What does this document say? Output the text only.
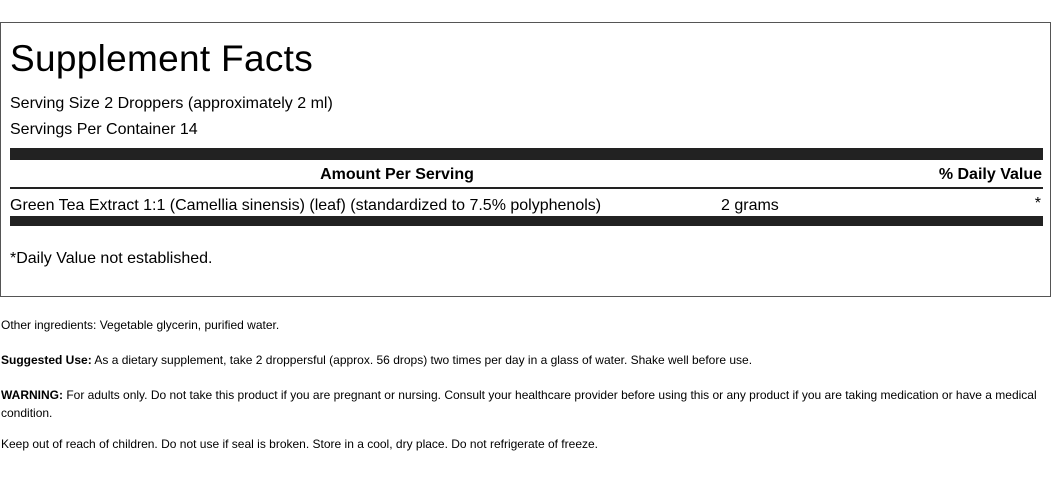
Supplement Facts
Serving Size 2 Droppers (approximately 2 ml)
Servings Per Container 14
Amount Per Serving	% Daily Value
Green Tea Extract 1:1 (Camellia sinensis) (leaf) (standardized to 7.5% polyphenols)	2 grams	*
*Daily Value not established.

Other ingredients: Vegetable glycerin, purified water.

Suggested Use: As a dietary supplement, take 2 droppersful (approx. 56 drops) two times per day in a glass of water. Shake well before use.

WARNING: For adults only. Do not take this product if you are pregnant or nursing. Consult your healthcare provider before using this or any product if you are taking medication or have a medical condition.

Keep out of reach of children. Do not use if seal is broken. Store in a cool, dry place. Do not refrigerate of freeze.
